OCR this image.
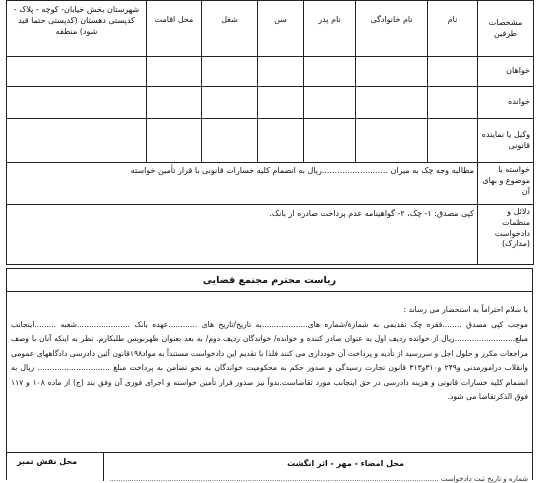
مشخصات طرفین	نام	نام خانوادگی	نام پدر	سن	شغل	محل اقامت	شهرستان بخش خیابان- کوچه - پلاک - کدپستی دهستان (کدپستی حتما قید شود) منطقه
خواهان							
خوانده							
وکیل یا نماینده قانونی							
خواسته یا موضوع و بهای آن	مطالبه وجه چک به میزان ..........................ریال به انضمام کلیه خسارات قانونی با قرار تأمین خواسته						
دلائل و منظمات دادخواست (مدارک)	کپی مصدق: ۱- چک، ۲- گواهینامه عدم پرداخت صادره از بانک.						
ریاست محترم مجتمع قضایی

با سلام احتراماً به استحضار می رساند :

موجب کپی مصدق ........فقره چک تقدیمی به شمارة/شماره های...................به تاریخ/تاریخ های ............عهده بانک ......................شعبه .........اینجانب مبلغ.........................ریال از خوانده ردیف اول به عنوان صادر کننده و خوانده/ خواندگان ردیف دوم/ به بعد بعنوان ظهرنویس طلبکارم. نظر به اینکه آنان با وصف مراجعات مکرر و حلول اجل و سررسید از تأدیه و پرداخت آن خودداری می کنند فلذا با تقدیم این دادخواست مستنداً به مواد۱۹۸قانون آئین دادرسی دادگاههای عمومی وانقلاب درامورمدنی و۲۴۹ و۳۱۰و۳۱۳ قانون تجارت رسیدگی و صدور حکم به محکومیت خواندگان به نحو تضامن به پرداخت مبلغ .............................. ریال به انضمام کلیه خسارات قانونی و هزینه دادرسی در حق اینجانب مورد تقاضاست.بدواً نیز صدور قرار تأمین خواسته و اجرای فوری آن وفق بند (ج) از ماده ۱۰۸ و ۱۱۷ فوق الذکرتقاضا می شود.

محل امضاء - مهر - اثر انگشت
محل نقش تمبر
شماره و تاریخ ثبت دادخواست ....................................................................................................................................................
